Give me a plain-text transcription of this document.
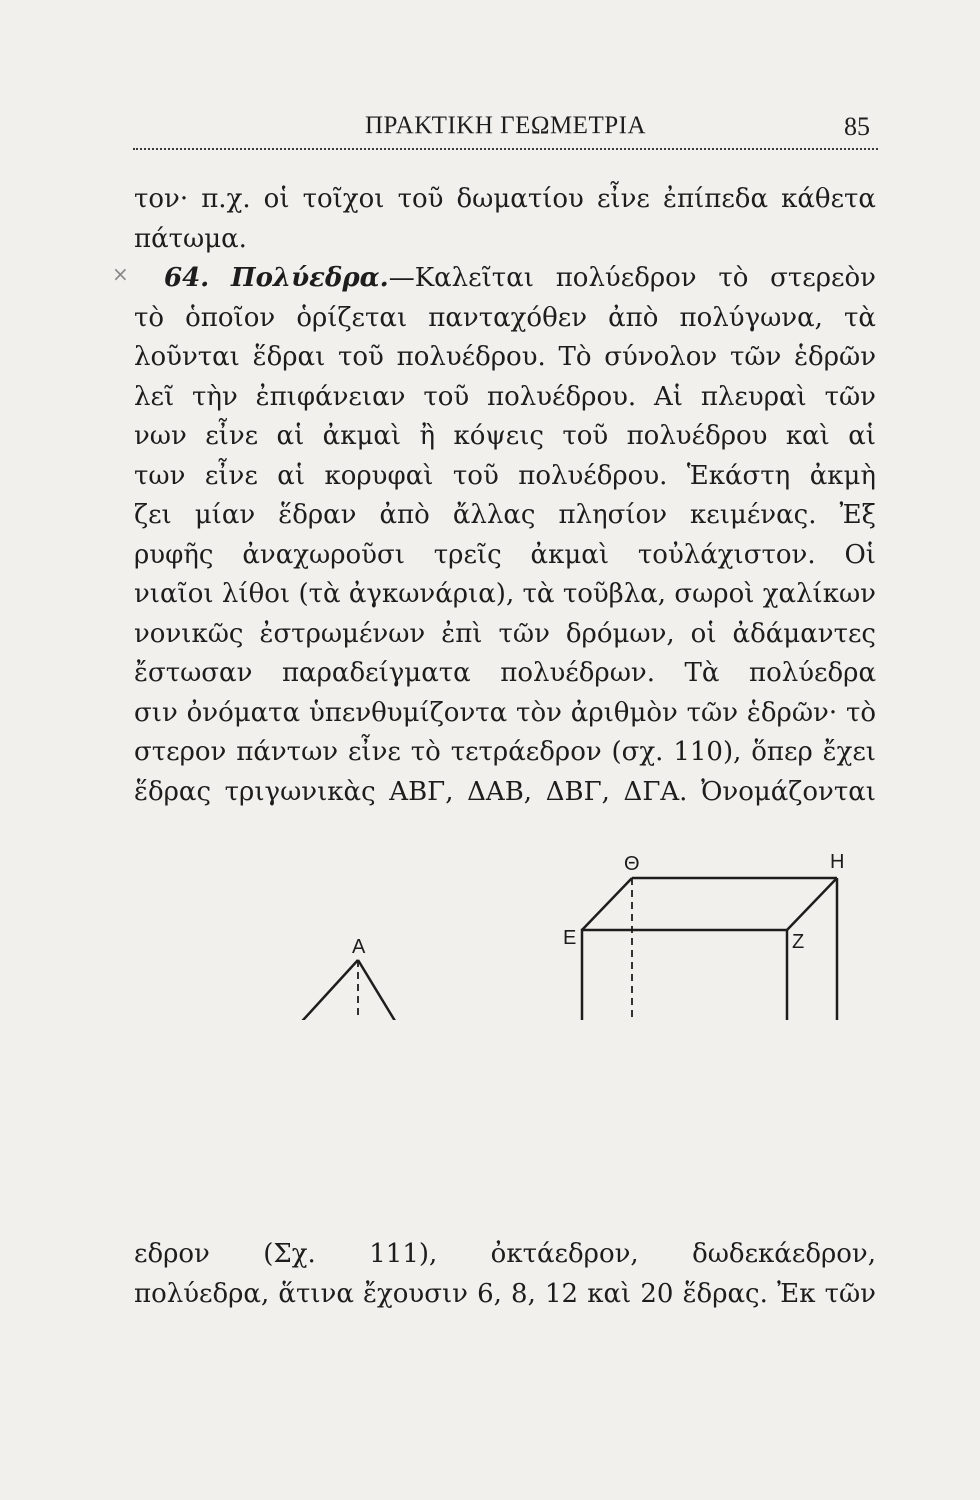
ΠΡΑΚΤΙΚΗ ΓΕΩΜΕΤΡΙΑ	85
×
τον· π.χ. οἱ τοῖχοι τοῦ δωματίου εἶνε ἐπίπεδα κάθετα
πάτωμα.
64. Πολύεδρα.—Καλεῖται πολύεδρον τὸ στερεὸν
τὸ ὁποῖον ὁρίζεται πανταχόθεν ἀπὸ πολύγωνα, τὰ
λοῦνται ἕδραι τοῦ πολυέδρου. Τὸ σύνολον τῶν ἑδρῶν
λεῖ τὴν ἐπιφάνειαν τοῦ πολυέδρου. Αἱ πλευραὶ τῶν
νων εἶνε αἱ ἀκμαὶ ἢ κόψεις τοῦ πολυέδρου καὶ αἱ
των εἶνε αἱ κορυφαὶ τοῦ πολυέδρου. Ἑκάστη ἀκμὴ
ζει μίαν ἕδραν ἀπὸ ἄλλας πλησίον κειμένας. Ἐξ
ρυφῆς ἀναχωροῦσι τρεῖς ἀκμαὶ τοὐλάχιστον. Οἱ
νιαῖοι λίθοι (τὰ ἀγκωνάρια), τὰ τοῦβλα, σωροὶ χαλίκων
νονικῶς ἐστρωμένων ἐπὶ τῶν δρόμων, οἱ ἀδάμαντες
ἔστωσαν παραδείγματα πολυέδρων. Τὰ πολύεδρα
σιν ὀνόματα ὑπενθυμίζοντα τὸν ἀριθμὸν τῶν ἑδρῶν· τὸ
στερον πάντων εἶνε τὸ τετράεδρον (σχ. 110), ὅπερ ἔχει
ἕδρας τριγωνικὰς ΑΒΓ, ΔΑΒ, ΔΒΓ, ΔΓΑ. Ὀνομάζονται
Α
Θ	Η
Ε	Ζ
εδρον (Σχ. 111), ὀκτάεδρον, δωδεκάεδρον,
πολύεδρα, ἅτινα ἔχουσιν 6, 8, 12 καὶ 20 ἕδρας. Ἐκ τῶν
